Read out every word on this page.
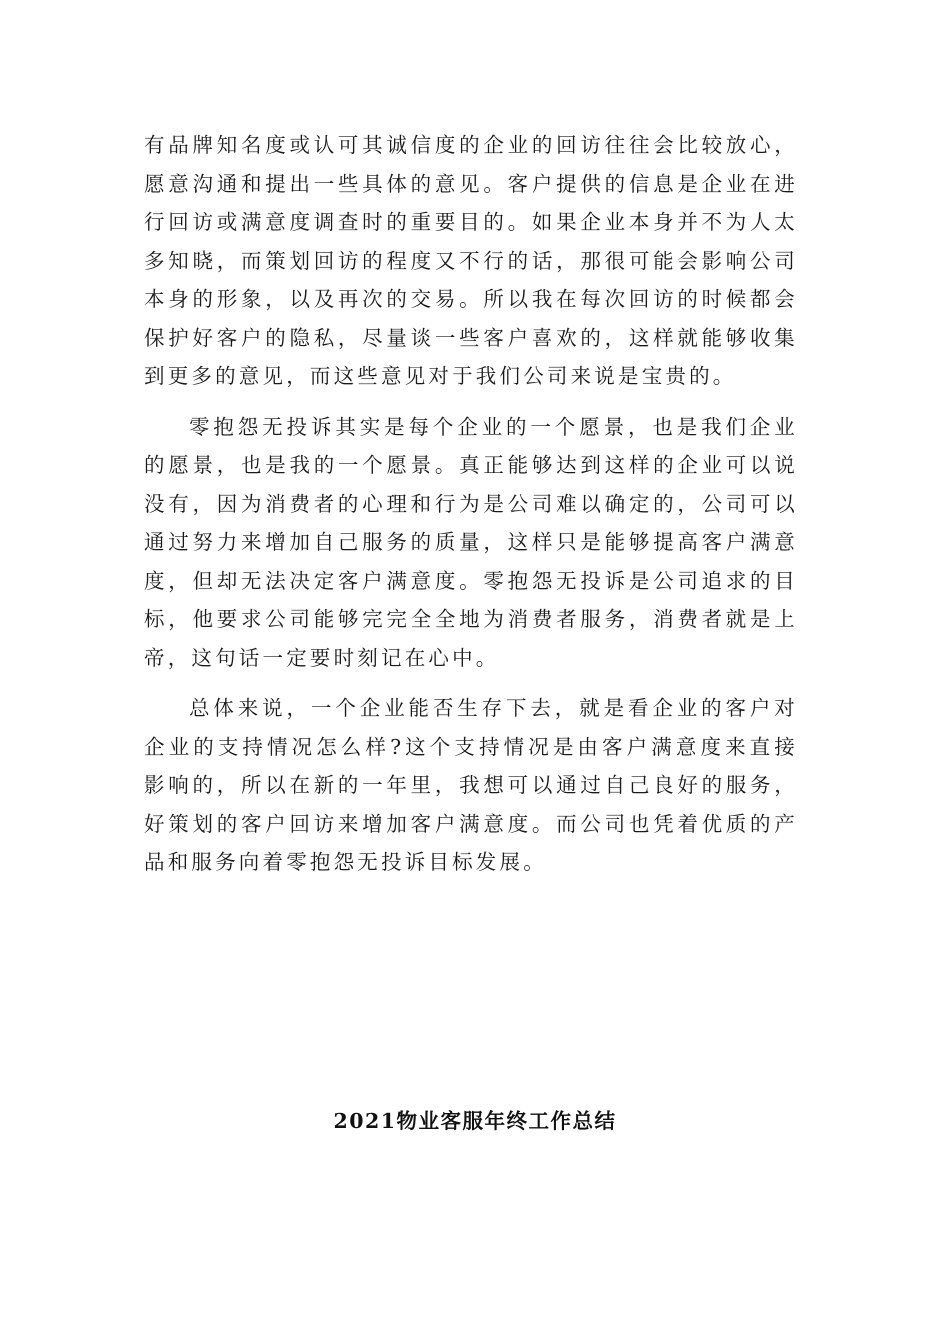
有品牌知名度或认可其诚信度的企业的回访往往会比较放心，愿意沟通和提出一些具体的意见。客户提供的信息是企业在进行回访或满意度调查时的重要目的。如果企业本身并不为人太多知晓，而策划回访的程度又不行的话，那很可能会影响公司本身的形象，以及再次的交易。所以我在每次回访的时候都会保护好客户的隐私，尽量谈一些客户喜欢的，这样就能够收集到更多的意见，而这些意见对于我们公司来说是宝贵的。

零抱怨无投诉其实是每个企业的一个愿景，也是我们企业的愿景，也是我的一个愿景。真正能够达到这样的企业可以说没有，因为消费者的心理和行为是公司难以确定的，公司可以通过努力来增加自己服务的质量，这样只是能够提高客户满意度，但却无法决定客户满意度。零抱怨无投诉是公司追求的目标，他要求公司能够完完全全地为消费者服务，消费者就是上帝，这句话一定要时刻记在心中。

总体来说，一个企业能否生存下去，就是看企业的客户对企业的支持情况怎么样?这个支持情况是由客户满意度来直接影响的，所以在新的一年里，我想可以通过自己良好的服务，好策划的客户回访来增加客户满意度。而公司也凭着优质的产品和服务向着零抱怨无投诉目标发展。

2021物业客服年终工作总结
